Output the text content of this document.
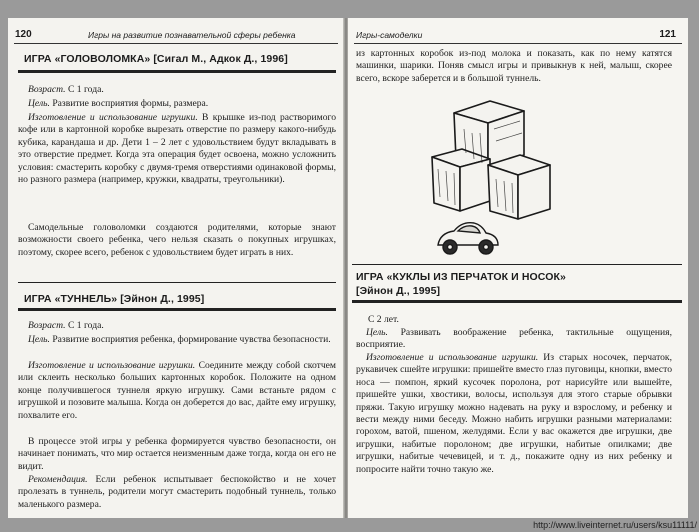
120	Игры на развитие познавательной сферы ребенка
ИГРА «ГОЛОВОЛОМКА» [Сигал М., Адкок Д., 1996]
Возраст. С 1 года.
Цель. Развитие восприятия формы, размера.
Изготовление и использование игрушки. В крышке из-под растворимого кофе или в картонной коробке вырезать отверстие по размеру какого-нибудь кубика, карандаша и др. Дети 1 – 2 лет с удовольствием будут вкладывать в это отверстие предмет. Когда эта операция будет освоена, можно усложнить условия: смастерить коробку с двумя-тремя отверстиями одинаковой формы, но разного размера (например, кружки, квадраты, треугольники).
Самодельные головоломки создаются родителями, которые знают возможности своего ребенка, чего нельзя сказать о покупных игрушках, поэтому, скорее всего, ребенок с удовольствием будет играть в них.
ИГРА «ТУННЕЛЬ» [Эйнон Д., 1995]
Возраст. С 1 года.
Цель. Развитие восприятия ребенка, формирование чувства безопасности.
Изготовление и использование игрушки. Соедините между собой скотчем или склеить несколько больших картонных коробок. Положите на одном конце получившегося туннеля яркую игрушку. Сами встаньте рядом с игрушкой и позовите малыша. Когда он доберется до вас, дайте ему игрушку, похвалите его.
В процессе этой игры у ребенка формируется чувство безопасности, он начинает понимать, что мир остается неизменным даже тогда, когда он его не видит.
Рекомендация. Если ребенок испытывает беспокойство и не хочет пролезать в туннель, родители могут смастерить подобный туннель, только маленького размера.
Игры-самоделки	121
из картонных коробок из-под молока и показать, как по нему катятся машинки, шарики. Поняв смысл игры и привыкнув к ней, малыш, скорее всего, вскоре заберется и в большой туннель.
ИГРА «КУКЛЫ ИЗ ПЕРЧАТОК И НОСОК»
[Эйнон Д., 1995]
С 2 лет.
Цель. Развивать воображение ребенка, тактильные ощущения, восприятие.
Изготовление и использование игрушки. Из старых носочек, перчаток, рукавичек сшейте игрушки: пришейте вместо глаз пуговицы, кнопки, вместо носа — помпон, яркий кусочек поролона, рот нарисуйте или вышейте, пришейте ушки, хвостики, волосы, используя для этого старые обрывки пряжи. Такую игрушку можно надевать на руку и взрослому, и ребенку и вести между ними беседу. Можно набить игрушки разными материалами: горохом, ватой, пшеном, желудями. Если у вас окажется две игрушки, две игрушки, набитые поролоном; две игрушки, набитые опилками; две игрушки, набитые чечевицей, и т. д., покажите одну из них ребенку и попросите найти точно такую же.
http://www.liveinternet.ru/users/ksu11111/
